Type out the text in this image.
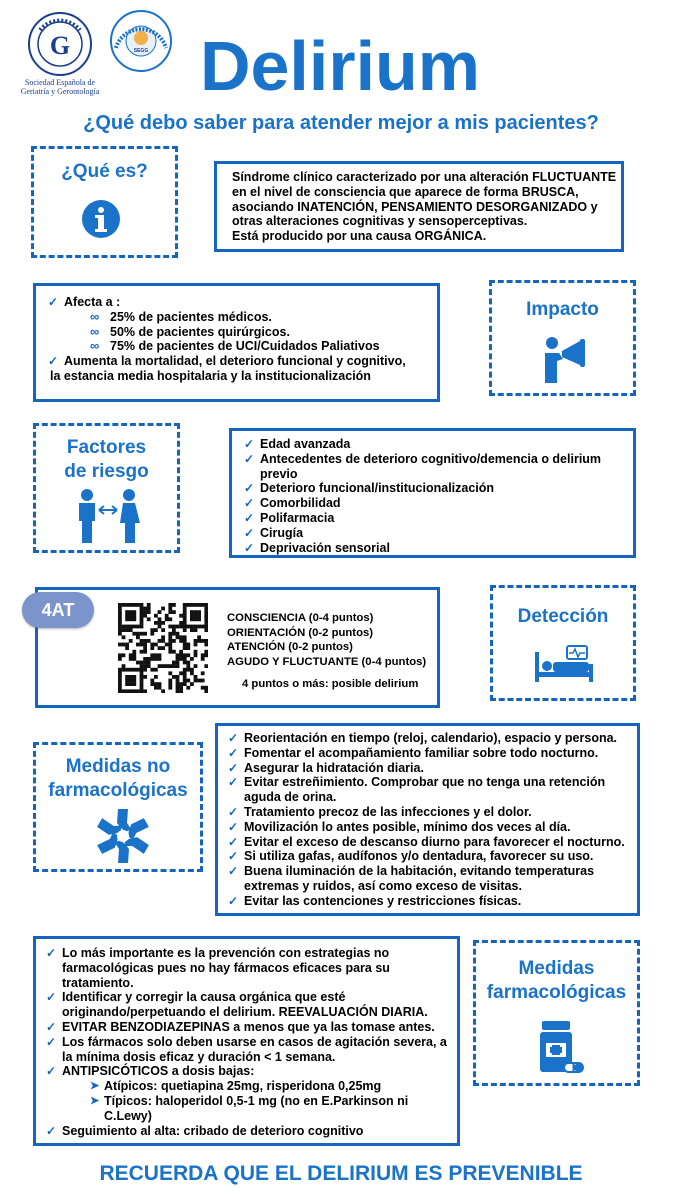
G
Sociedad Española de Geriatría y Gerontología
SEGG Delirium
¿Qué debo saber para atender mejor a mis pacientes?
¿Qué es?	Síndrome clínico caracterizado por una alteración FLUCTUANTE
en el nivel de consciencia que aparece de forma BRUSCA,
asociando INATENCIÓN, PENSAMIENTO DESORGANIZADO y
otras alteraciones cognitivas y sensoperceptivas.
Está producido por una causa ORGÁNICA.
✓ Afecta a :
∞ 25% de pacientes médicos.
∞ 50% de pacientes quirúrgicos.
∞ 75% de pacientes de UCI/Cuidados Paliativos
✓ Aumenta la mortalidad, el deterioro funcional y cognitivo,
la estancia media hospitalaria y la institucionalización
Impacto
Factores
de riesgo
✓ Edad avanzada
✓ Antecedentes de deterioro cognitivo/demencia o delirium previo
✓ Deterioro funcional/institucionalización
✓ Comorbilidad
✓ Polifarmacia
✓ Cirugía
✓ Deprivación sensorial
4AT	CONSCIENCIA (0-4 puntos)
ORIENTACIÓN (0-2 puntos)
ATENCIÓN (0-2 puntos)
AGUDO Y FLUCTUANTE (0-4 puntos)
4 puntos o más: posible delirium
Detección
Medidas no
farmacológicas
✓ Reorientación en tiempo (reloj, calendario), espacio y persona.
✓ Fomentar el acompañamiento familiar sobre todo nocturno.
✓ Asegurar la hidratación diaria.
✓ Evitar estreñimiento. Comprobar que no tenga una retención aguda de orina.
✓ Tratamiento precoz de las infecciones y el dolor.
✓ Movilización lo antes posible, mínimo dos veces al día.
✓ Evitar el exceso de descanso diurno para favorecer el nocturno.
✓ Si utiliza gafas, audífonos y/o dentadura, favorecer su uso.
✓ Buena iluminación de la habitación, evitando temperaturas extremas y ruidos, así como exceso de visitas.
✓ Evitar las contenciones y restricciones físicas.
✓ Lo más importante es la prevención con estrategias no farmacológicas pues no hay fármacos eficaces para su tratamiento.
✓ Identificar y corregir la causa orgánica que esté originando/perpetuando el delirium. REEVALUACIÓN DIARIA.
✓ EVITAR BENZODIAZEPINAS a menos que ya las tomase antes.
✓ Los fármacos solo deben usarse en casos de agitación severa, a la mínima dosis eficaz y duración < 1 semana.
✓ ANTIPSICÓTICOS a dosis bajas:
➤ Atípicos: quetiapina 25mg, risperidona 0,25mg
➤ Típicos: haloperidol 0,5-1 mg (no en E.Parkinson ni C.Lewy)
✓ Seguimiento al alta: cribado de deterioro cognitivo
Medidas
farmacológicas
RECUERDA QUE EL DELIRIUM ES PREVENIBLE
